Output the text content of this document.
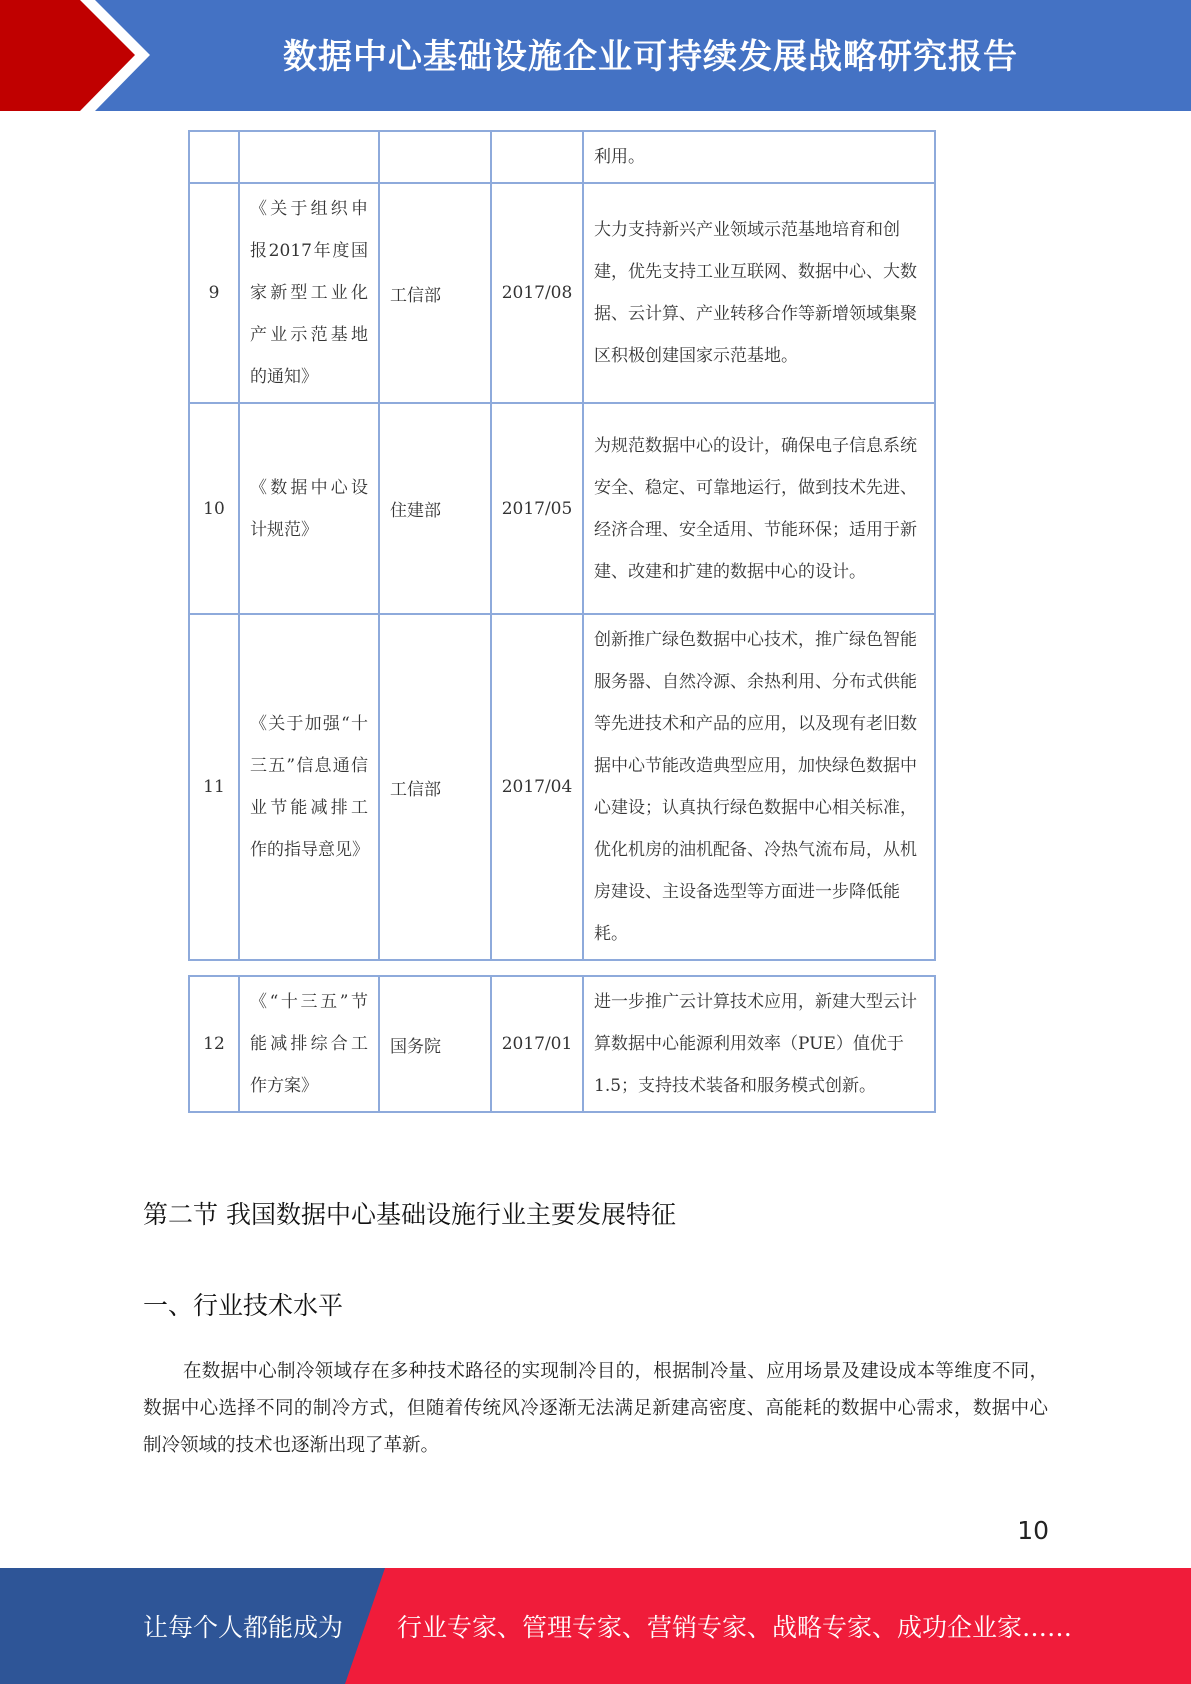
数据中心基础设施企业可持续发展战略研究报告
				利用。
9	《关于组织申报2017年度国家新型工业化产业示范基地的通知》	工信部	2017/08	大力支持新兴产业领域示范基地培育和创建，优先支持工业互联网、数据中心、大数据、云计算、产业转移合作等新增领域集聚区积极创建国家示范基地。
10	《数据中心设计规范》	住建部	2017/05	为规范数据中心的设计，确保电子信息系统安全、稳定、可靠地运行，做到技术先进、经济合理、安全适用、节能环保；适用于新建、改建和扩建的数据中心的设计。
11	《关于加强“十三五”信息通信业节能减排工作的指导意见》	工信部	2017/04	创新推广绿色数据中心技术，推广绿色智能服务器、自然冷源、余热利用、分布式供能等先进技术和产品的应用，以及现有老旧数据中心节能改造典型应用，加快绿色数据中心建设；认真执行绿色数据中心相关标准，优化机房的油机配备、冷热气流布局，从机房建设、主设备选型等方面进一步降低能耗。
12	《“十三五”节能减排综合工作方案》	国务院	2017/01	进一步推广云计算技术应用，新建大型云计算数据中心能源利用效率（PUE）值优于1.5；支持技术装备和服务模式创新。
第二节 我国数据中心基础设施行业主要发展特征
一、行业技术水平

在数据中心制冷领域存在多种技术路径的实现制冷目的，根据制冷量、应用场景及建设成本等维度不同，数据中心选择不同的制冷方式，但随着传统风冷逐渐无法满足新建高密度、高能耗的数据中心需求，数据中心制冷领域的技术也逐渐出现了革新。

10
让每个人都能成为 行业专家、管理专家、营销专家、战略专家、成功企业家……
